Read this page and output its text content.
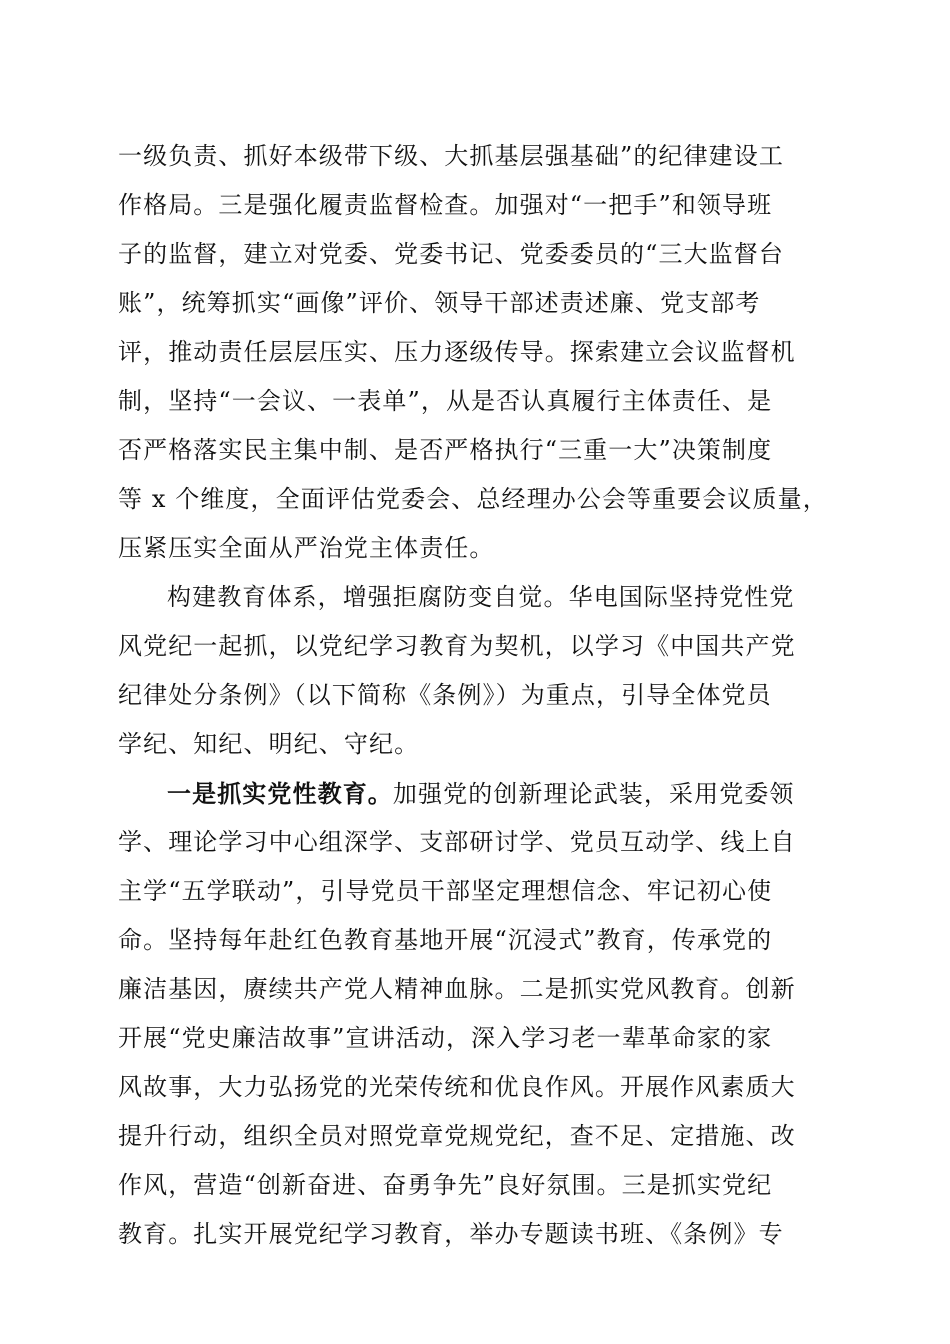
一级负责、抓好本级带下级、大抓基层强基础”的纪律建设工
作格局。三是强化履责监督检查。加强对“一把手”和领导班
子的监督，建立对党委、党委书记、党委委员的“三大监督台
账”，统筹抓实“画像”评价、领导干部述责述廉、党支部考
评，推动责任层层压实、压力逐级传导。探索建立会议监督机
制，坚持“一会议、一表单”，从是否认真履行主体责任、是
否严格落实民主集中制、是否严格执行“三重一大”决策制度
等 x 个维度，全面评估党委会、总经理办公会等重要会议质量，
压紧压实全面从严治党主体责任。
构建教育体系，增强拒腐防变自觉。华电国际坚持党性党
风党纪一起抓，以党纪学习教育为契机，以学习《中国共产党
纪律处分条例》（以下简称《条例》）为重点，引导全体党员
学纪、知纪、明纪、守纪。
一是抓实党性教育。加强党的创新理论武装，采用党委领
学、理论学习中心组深学、支部研讨学、党员互动学、线上自
主学“五学联动”，引导党员干部坚定理想信念、牢记初心使
命。坚持每年赴红色教育基地开展“沉浸式”教育，传承党的
廉洁基因，赓续共产党人精神血脉。二是抓实党风教育。创新
开展“党史廉洁故事”宣讲活动，深入学习老一辈革命家的家
风故事，大力弘扬党的光荣传统和优良作风。开展作风素质大
提升行动，组织全员对照党章党规党纪，查不足、定措施、改
作风，营造“创新奋进、奋勇争先”良好氛围。三是抓实党纪
教育。扎实开展党纪学习教育，举办专题读书班、《条例》专
